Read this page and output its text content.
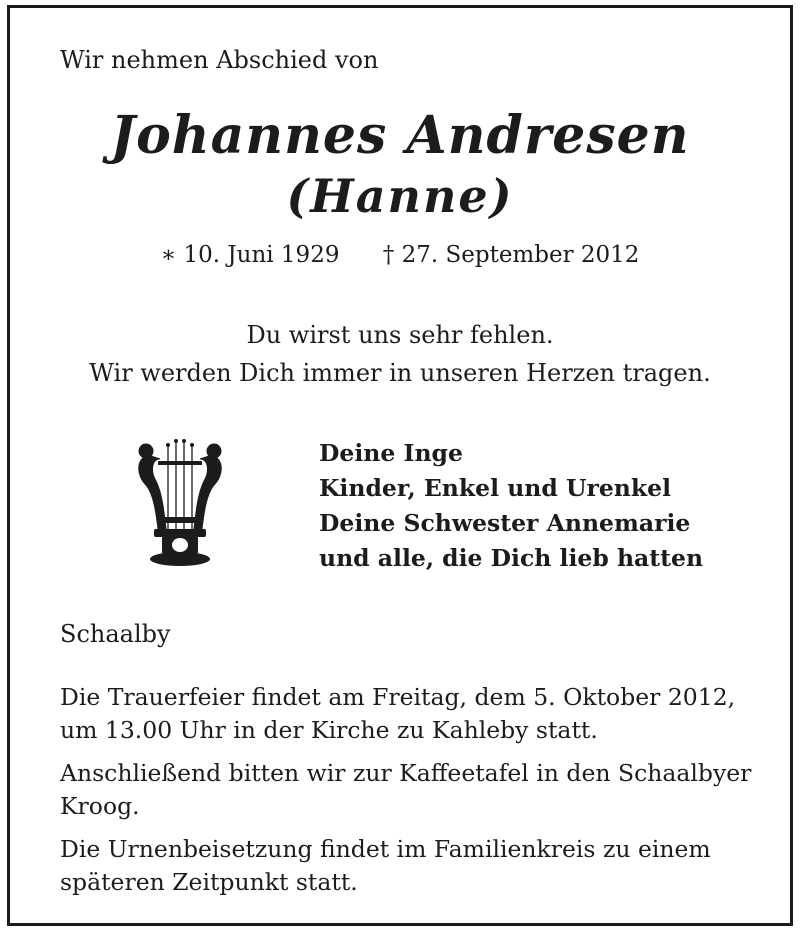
Wir nehmen Abschied von

Johannes Andresen
(Hanne)
∗ 10. Juni 1929 † 27. September 2012
Du wirst uns sehr fehlen.
Wir werden Dich immer in unseren Herzen tragen.
Deine Inge
Kinder, Enkel und Urenkel
Deine Schwester Annemarie
und alle, die Dich lieb hatten
Schaalby

Die Trauerfeier findet am Freitag, dem 5. Oktober 2012, um 13.00 Uhr in der Kirche zu Kahleby statt.

Anschließend bitten wir zur Kaffeetafel in den Schaalbyer Kroog.

Die Urnenbeisetzung findet im Familienkreis zu einem späteren Zeitpunkt statt.
